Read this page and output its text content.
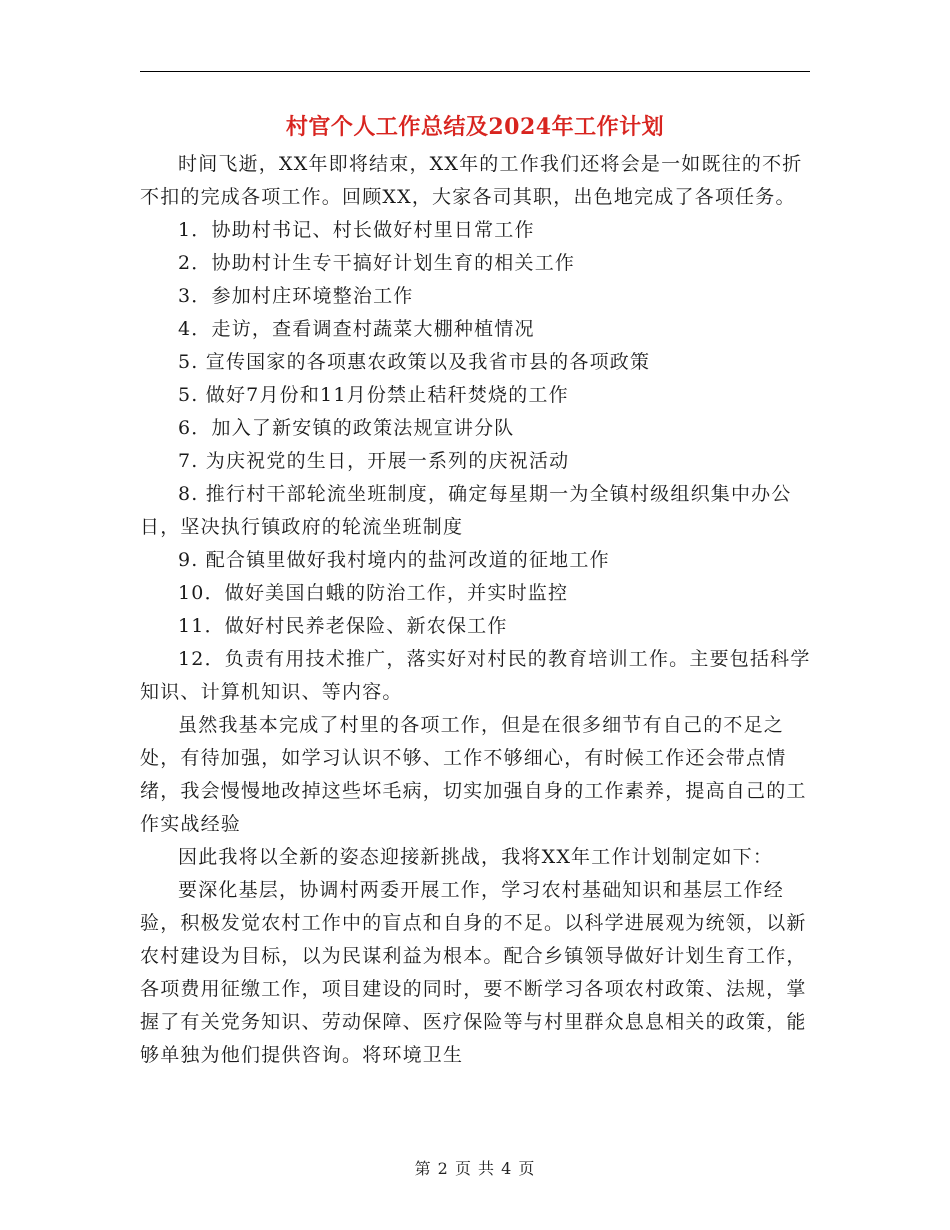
村官个人工作总结及2024年工作计划

时间飞逝，XX年即将结束，XX年的工作我们还将会是一如既往的不折不扣的完成各项工作。回顾XX，大家各司其职，出色地完成了各项任务。

1．协助村书记、村长做好村里日常工作

2．协助村计生专干搞好计划生育的相关工作

3．参加村庄环境整治工作

4．走访，查看调查村蔬菜大棚种植情况

5. 宣传国家的各项惠农政策以及我省市县的各项政策

5. 做好7月份和11月份禁止秸秆焚烧的工作

6．加入了新安镇的政策法规宣讲分队

7. 为庆祝党的生日，开展一系列的庆祝活动

8. 推行村干部轮流坐班制度，确定每星期一为全镇村级组织集中办公日，坚决执行镇政府的轮流坐班制度

9. 配合镇里做好我村境内的盐河改道的征地工作

10．做好美国白蛾的防治工作，并实时监控

11．做好村民养老保险、新农保工作

12．负责有用技术推广，落实好对村民的教育培训工作。主要包括科学知识、计算机知识、等内容。

虽然我基本完成了村里的各项工作，但是在很多细节有自己的不足之处，有待加强，如学习认识不够、工作不够细心，有时候工作还会带点情绪，我会慢慢地改掉这些坏毛病，切实加强自身的工作素养，提高自己的工作实战经验

因此我将以全新的姿态迎接新挑战，我将XX年工作计划制定如下：

要深化基层，协调村两委开展工作，学习农村基础知识和基层工作经验，积极发觉农村工作中的盲点和自身的不足。以科学进展观为统领，以新农村建设为目标，以为民谋利益为根本。配合乡镇领导做好计划生育工作，各项费用征缴工作，项目建设的同时，要不断学习各项农村政策、法规，掌握了有关党务知识、劳动保障、医疗保险等与村里群众息息相关的政策，能够单独为他们提供咨询。将环境卫生

第 2 页 共 4 页
